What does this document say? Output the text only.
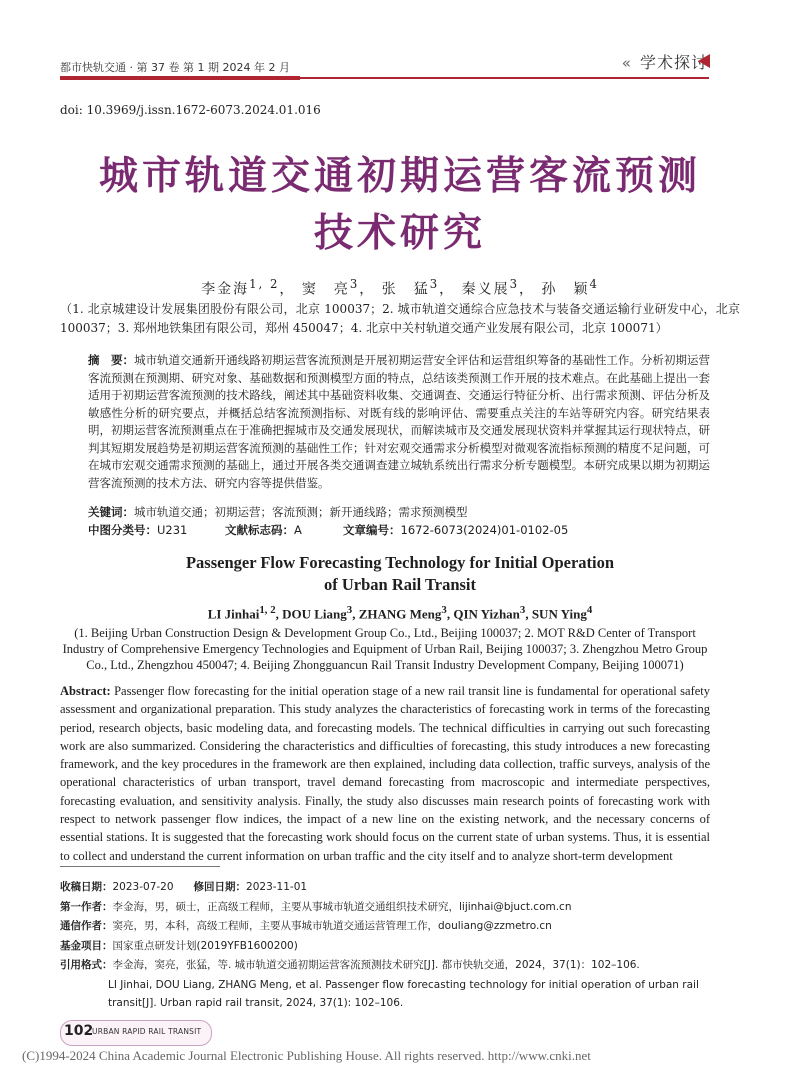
都市快轨交通 · 第 37 卷 第 1 期 2024 年 2 月	« 学术探讨
doi: 10.3969/j.issn.1672-6073.2024.01.016
城市轨道交通初期运营客流预测
技术研究
李金海$^{1, 2}$， 窦　亮$^3$， 张　猛$^3$， 秦义展$^3$， 孙　颖$^4$
（1. 北京城建设计发展集团股份有限公司，北京 100037；2. 城市轨道交通综合应急技术与装备交通运输行业研发中心，北京 100037；3. 郑州地铁集团有限公司，郑州 450047；4. 北京中关村轨道交通产业发展有限公司，北京 100071）
摘　要：城市轨道交通新开通线路初期运营客流预测是开展初期运营安全评估和运营组织筹备的基础性工作。分析初期运营客流预测在预测期、研究对象、基础数据和预测模型方面的特点，总结该类预测工作开展的技术难点。在此基础上提出一套适用于初期运营客流预测的技术路线，阐述其中基础资料收集、交通调查、交通运行特征分析、出行需求预测、评估分析及敏感性分析的研究要点，并概括总结客流预测指标、对既有线的影响评估、需要重点关注的车站等研究内容。研究结果表明，初期运营客流预测重点在于准确把握城市及交通发展现状，而解读城市及交通发展现状资料并掌握其运行现状特点，研判其短期发展趋势是初期运营客流预测的基础性工作；针对宏观交通需求分析模型对微观客流指标预测的精度不足问题，可在城市宏观交通需求预测的基础上，通过开展各类交通调查建立城轨系统出行需求分析专题模型。本研究成果以期为初期运营客流预测的技术方法、研究内容等提供借鉴。
关键词：城市轨道交通；初期运营；客流预测；新开通线路；需求预测模型
中图分类号：U231	文献标志码：A	文章编号：1672-6073(2024)01-0102-05
Passenger Flow Forecasting Technology for Initial Operation
of Urban Rail Transit
LI Jinhai$^{1, 2}$, DOU Liang$^3$, ZHANG Meng$^3$, QIN Yizhan$^3$, SUN Ying$^4$
(1. Beijing Urban Construction Design & Development Group Co., Ltd., Beijing 100037; 2. MOT R&D Center of Transport Industry of Comprehensive Emergency Technologies and Equipment of Urban Rail, Beijing 100037; 3. Zhengzhou Metro Group Co., Ltd., Zhengzhou 450047; 4. Beijing Zhongguancun Rail Transit Industry Development Company, Beijing 100071)
Abstract: Passenger flow forecasting for the initial operation stage of a new rail transit line is fundamental for operational safety assessment and organizational preparation. This study analyzes the characteristics of forecasting work in terms of the forecasting period, research objects, basic modeling data, and forecasting models. The technical difficulties in carrying out such forecasting work are also summarized. Considering the characteristics and difficulties of forecasting, this study introduces a new forecasting framework, and the key procedures in the framework are then explained, including data collection, traffic surveys, analysis of the operational characteristics of urban transport, travel demand forecasting from macroscopic and intermediate perspectives, forecasting evaluation, and sensitivity analysis. Finally, the study also discusses main research points of forecasting work with respect to network passenger flow indices, the impact of a new line on the existing network, and the necessary concerns of essential stations. It is suggested that the forecasting work should focus on the current state of urban systems. Thus, it is essential to collect and understand the current information on urban traffic and the city itself and to analyze short-term development
收稿日期：2023-07-20 修回日期：2023-11-01
第一作者：李金海，男，硕士，正高级工程师，主要从事城市轨道交通组织技术研究，lijinhai@bjuct.com.cn
通信作者：窦亮，男，本科，高级工程师，主要从事城市轨道交通运营管理工作，douliang@zzmetro.cn
基金项目：国家重点研发计划(2019YFB1600200)
引用格式：李金海，窦亮，张猛，等. 城市轨道交通初期运营客流预测技术研究[J]. 都市快轨交通，2024，37(1)：102–106.
LI Jinhai, DOU Liang, ZHANG Meng, et al. Passenger flow forecasting technology for initial operation of urban rail transit[J]. Urban rapid rail transit, 2024, 37(1): 102–106.
102
URBAN RAPID RAIL TRANSIT
(C)1994-2024 China Academic Journal Electronic Publishing House. All rights reserved. http://www.cnki.net
